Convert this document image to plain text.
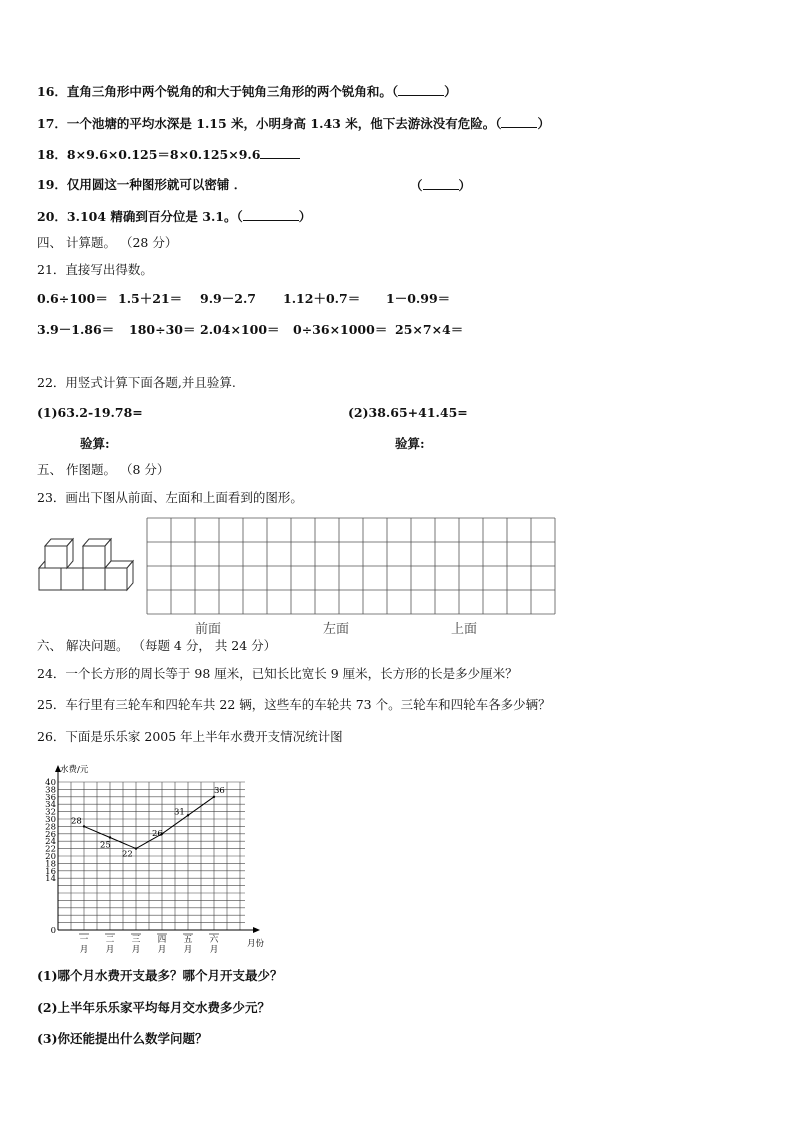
16．直角三角形中两个锐角的和大于钝角三角形的两个锐角和。（	）
17．一个池塘的平均水深是 1.15 米，小明身高 1.43 米，他下去游泳没有危险。（	）
18．8×9.6×0.125＝8×0.125×9.6
19．仅用圆这一种图形就可以密铺 ．	（	）
20．3.104 精确到百分位是 3.1。（	）
四、 计算题。 （28 分）
21．直接写出得数。
0.6÷100＝ 1.5＋21＝ 9.9－2.7 1.12＋0.7＝ 1－0.99＝
3.9－1.86＝ 180÷30＝ 2.04×100＝ 0÷36×1000＝ 25×7×4＝
22．用竖式计算下面各题,并且验算.
(1)63.2-19.78=	(2)38.65+41.45=
验算:	验算:
五、 作图题。 （8 分）
23．画出下图从前面、左面和上面看到的图形。
前面	左面	上面
六、 解决问题。 （每题 4 分， 共 24 分）
24．一个长方形的周长等于 98 厘米，已知长比宽长 9 厘米，长方形的长是多少厘米？
25．车行里有三轮车和四轮车共 22 辆，这些车的车轮共 73 个。三轮车和四轮车各多少辆？
26．下面是乐乐家 2005 年上半年水费开支情况统计图
水费/元
月份
0
14
16
18
20
22
24
26
28
30
32
34
36
38
40
一月
二月
三月
四月
五月
六月
28
25
22
26
31
36
(1)哪个月水费开支最多？哪个月开支最少？
(2)上半年乐乐家平均每月交水费多少元？
(3)你还能提出什么数学问题？
